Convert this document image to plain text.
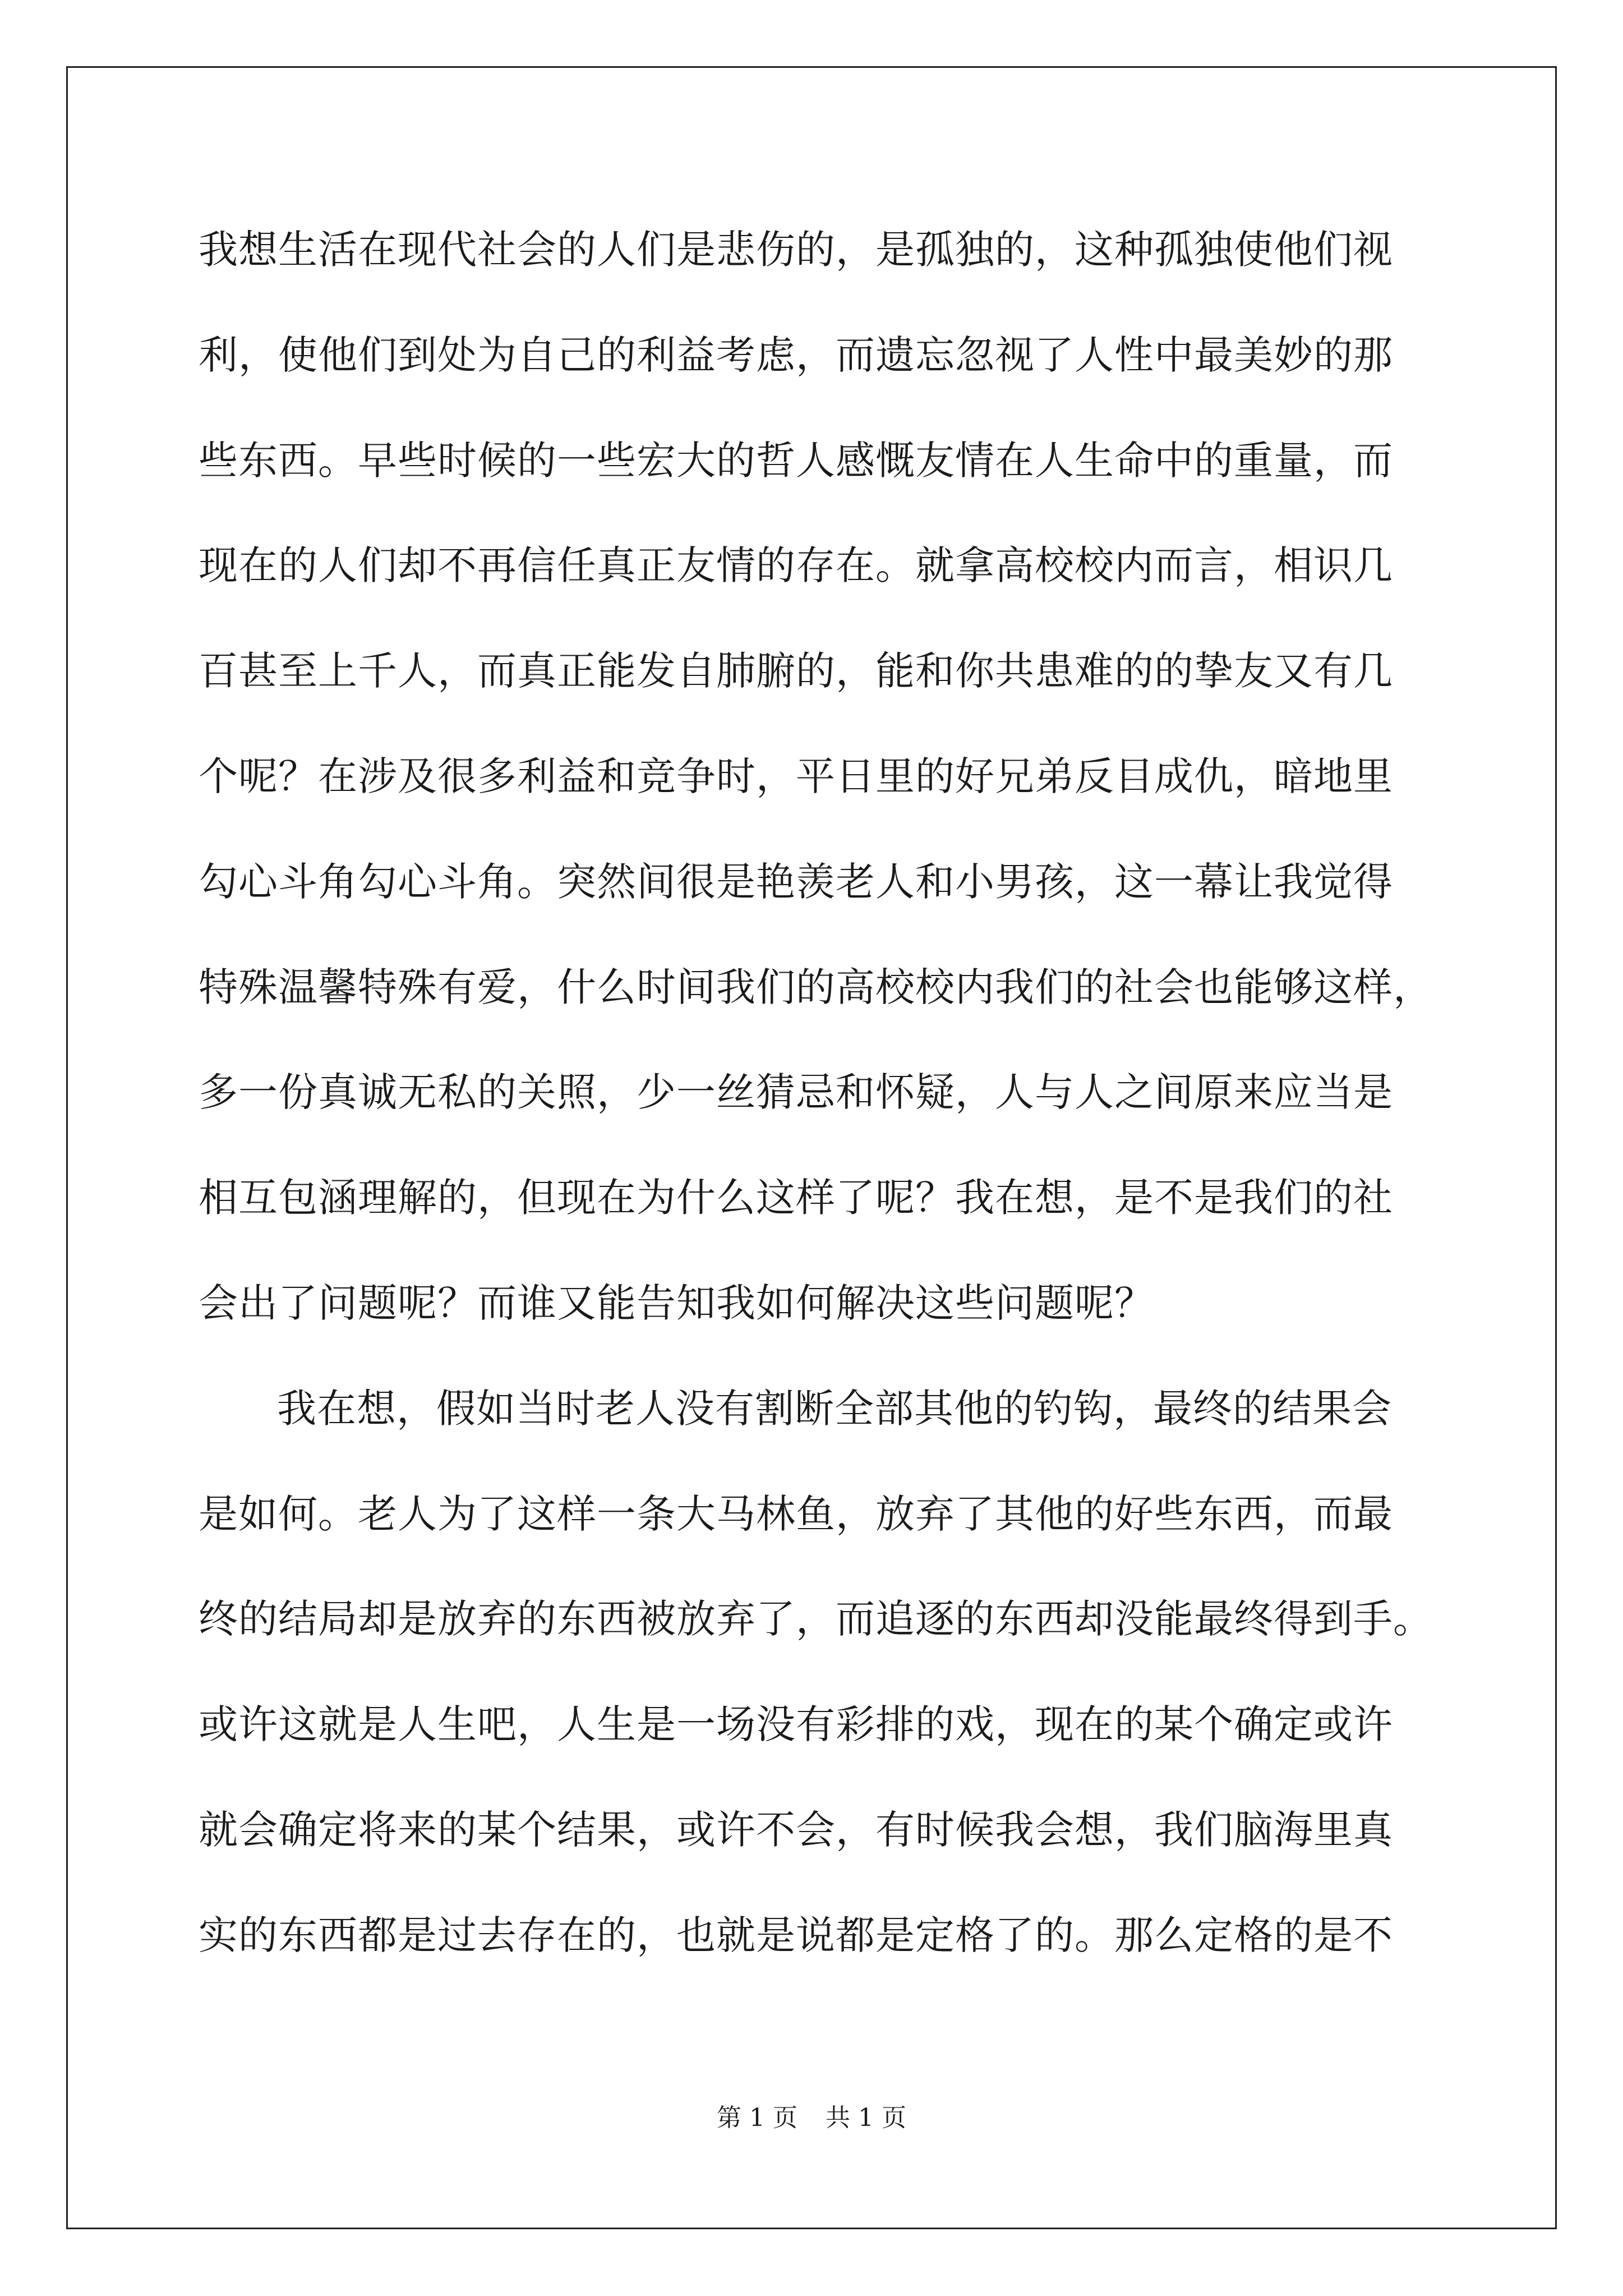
我想生活在现代社会的人们是悲伤的，是孤独的，这种孤独使他们视
利，使他们到处为自己的利益考虑，而遗忘忽视了人性中最美妙的那
些东西。早些时候的一些宏大的哲人感慨友情在人生命中的重量，而
现在的人们却不再信任真正友情的存在。就拿高校校内而言，相识几
百甚至上千人，而真正能发自肺腑的，能和你共患难的的挚友又有几
个呢？在涉及很多利益和竞争时，平日里的好兄弟反目成仇，暗地里
勾心斗角勾心斗角。突然间很是艳羡老人和小男孩，这一幕让我觉得
特殊温馨特殊有爱，什么时间我们的高校校内我们的社会也能够这样，
多一份真诚无私的关照，少一丝猜忌和怀疑，人与人之间原来应当是
相互包涵理解的，但现在为什么这样了呢？我在想，是不是我们的社
会出了问题呢？而谁又能告知我如何解决这些问题呢？
我在想，假如当时老人没有割断全部其他的钓钩，最终的结果会
是如何。老人为了这样一条大马林鱼，放弃了其他的好些东西，而最
终的结局却是放弃的东西被放弃了，而追逐的东西却没能最终得到手。
或许这就是人生吧，人生是一场没有彩排的戏，现在的某个确定或许
就会确定将来的某个结果，或许不会，有时候我会想，我们脑海里真
实的东西都是过去存在的，也就是说都是定格了的。那么定格的是不
第 1 页 共 1 页
